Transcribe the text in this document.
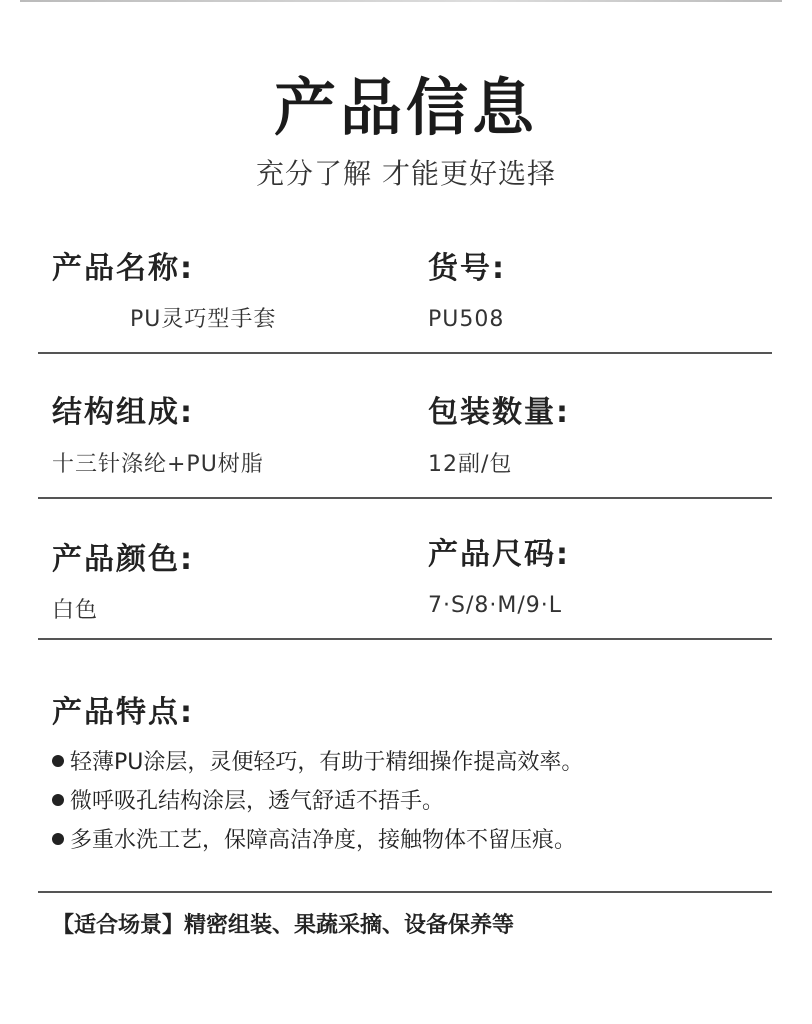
产品信息
充分了解 才能更好选择
产品名称:
PU灵巧型手套
货号:
PU508
结构组成:
十三针涤纶+PU树脂
包装数量:
12副/包
产品颜色:
白色
产品尺码:
7·S/8·M/9·L
产品特点:
轻薄PU涂层，灵便轻巧，有助于精细操作提高效率。
微呼吸孔结构涂层，透气舒适不捂手。
多重水洗工艺，保障高洁净度，接触物体不留压痕。
【适合场景】精密组装、果蔬采摘、设备保养等
